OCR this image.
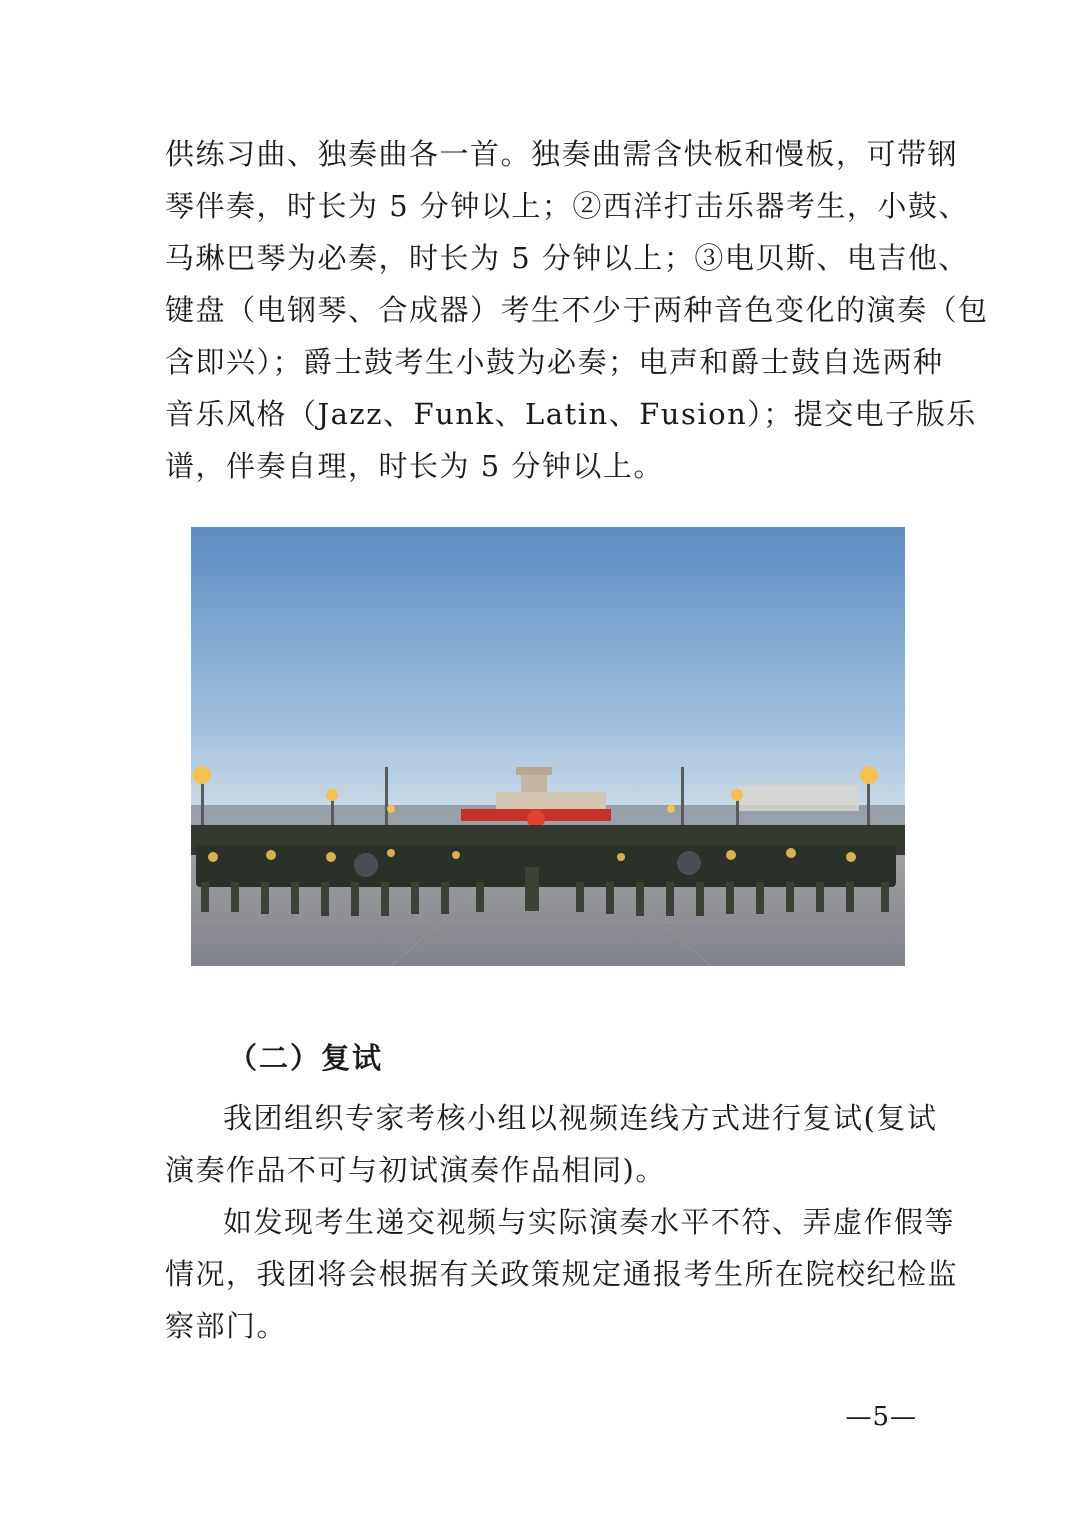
供练习曲、独奏曲各一首。独奏曲需含快板和慢板，可带钢
琴伴奏，时长为 5 分钟以上；②西洋打击乐器考生，小鼓、
马琳巴琴为必奏，时长为 5 分钟以上；③电贝斯、电吉他、
键盘（电钢琴、合成器）考生不少于两种音色变化的演奏（包
含即兴）；爵士鼓考生小鼓为必奏；电声和爵士鼓自选两种
音乐风格（Jazz、Funk、Latin、Fusion）；提交电子版乐
谱，伴奏自理，时长为 5 分钟以上。
（二）复试
我团组织专家考核小组以视频连线方式进行复试(复试
演奏作品不可与初试演奏作品相同)。
如发现考生递交视频与实际演奏水平不符、弄虚作假等
情况，我团将会根据有关政策规定通报考生所在院校纪检监
察部门。
—5—
